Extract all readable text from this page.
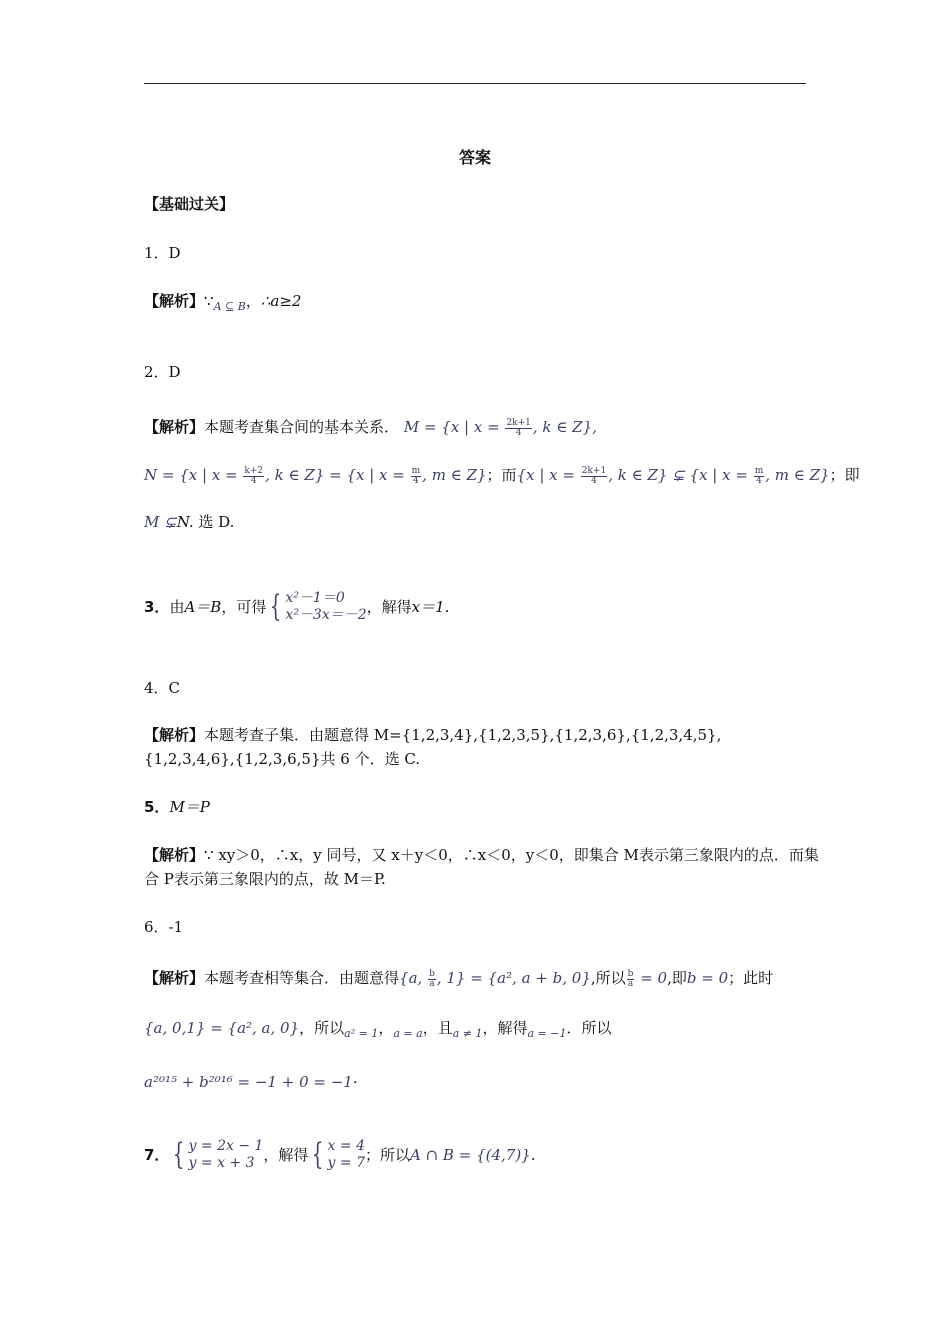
答案
【基础过关】
1．D
【解析】$\because_{A ⊆ B}$，∴a≥2
2．D
【解析】本题考查集合间的基本关系． M = {x | $x = \frac{2k+1}{4}$ , k ∈ Z},
N = {x | $x = \frac{k+2}{4}$ , k ∈ Z} = {x | $x = \frac{m}{4}$ , m ∈ Z}；而{x | $x = \frac{2k+1}{4}$ , k ∈ Z} ⊊ {x | $x = \frac{m}{4}$ , m ∈ Z}；即
M ⊊N. 选 D.
3． 由 A＝B ，可得 { x²－1＝0
x²－3x＝－2 ，解得 x＝1.
4．C
【解析】本题考查子集．由题意得 M={1,2,3,4},{1,2,3,5},{1,2,3,6},{1,2,3,4,5},
{1,2,3,4,6},{1,2,3,6,5}共 6 个．选 C.
5．M＝P
【解析】∵ xy＞0，∴x，y 同号，又 x＋y＜0，∴x＜0，y＜0，即集合 M表示第三象限内的点．而集
合 P表示第三象限内的点，故 M＝P.
6．-1
【解析】本题考查相等集合．由题意得{a, $\frac{b}{a}$ , 1} = {a², a + b, 0},所以 $\frac{b}{a} = 0$,即b = 0；此时
{a, 0,1} = {a², a, 0}，所以$_{a^2 = 1}$，$_{a = a}$，且$_{a \ne 1}$，解得$_{a = -1}$．所以
a²⁰¹⁵ + b²⁰¹⁶ = −1 + 0 = −1·
7． { y = 2x − 1
y = x + 3 ，解得 { x = 4
y = 7 ；所以 A ∩ B = {(4,7)} .
